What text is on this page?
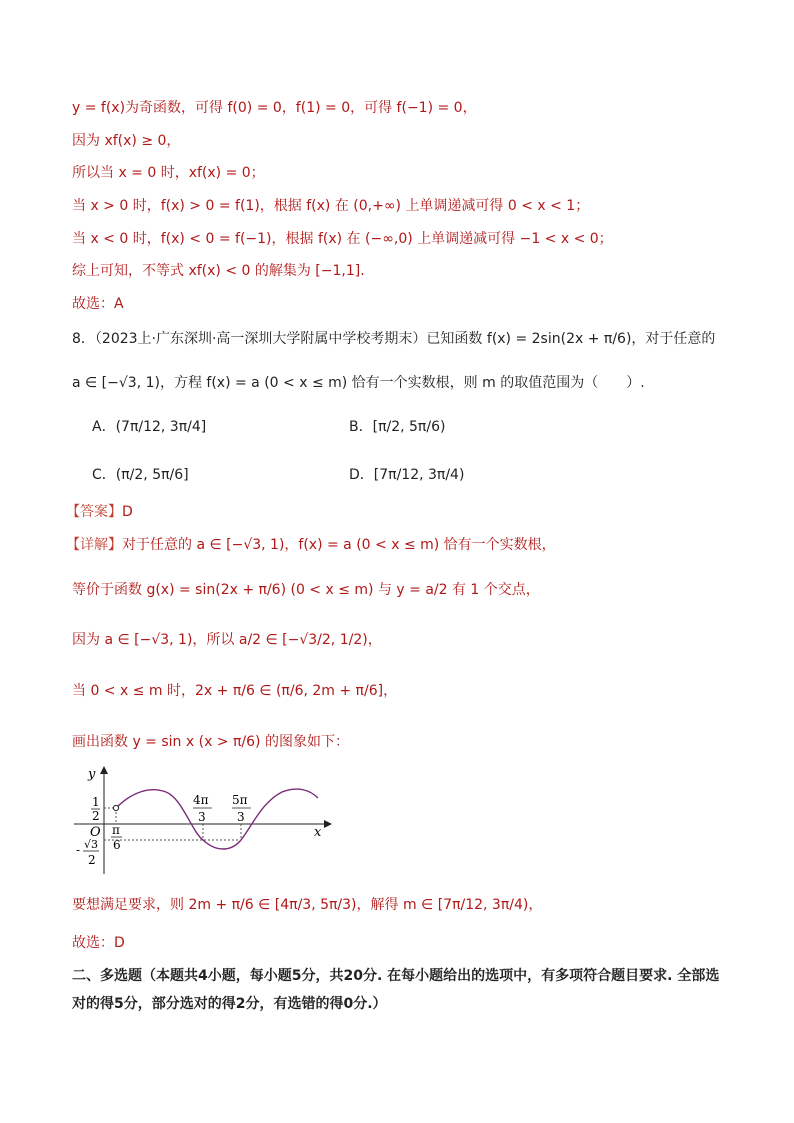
y = f(x)为奇函数，可得 f(0) = 0，f(1) = 0，可得 f(−1) = 0，
因为 xf(x) ≥ 0，
所以当 x = 0 时，xf(x) = 0；
当 x > 0 时，f(x) > 0 = f(1)，根据 f(x) 在 (0,+∞) 上单调递减可得 0 < x < 1；
当 x < 0 时，f(x) < 0 = f(−1)，根据 f(x) 在 (−∞,0) 上单调递减可得 −1 < x < 0；
综上可知，不等式 xf(x) < 0 的解集为 [−1,1].
故选：A
8．（2023上·广东深圳·高一深圳大学附属中学校考期末）已知函数 f(x) = 2sin(2x + π/6)，对于任意的
a ∈ [−√3, 1)，方程 f(x) = a (0 < x ≤ m) 恰有一个实数根，则 m 的取值范围为（　　）.
A．(7π/12, 3π/4]	B．[π/2, 5π/6)
C．(π/2, 5π/6]	D．[7π/12, 3π/4)
【答案】D
【详解】对于任意的 a ∈ [−√3, 1)，f(x) = a (0 < x ≤ m) 恰有一个实数根，
等价于函数 g(x) = sin(2x + π/6) (0 < x ≤ m) 与 y = a/2 有 1 个交点，
因为 a ∈ [−√3, 1)，所以 a/2 ∈ [−√3/2, 1/2)，
当 0 < x ≤ m 时，2x + π/6 ∈ (π/6, 2m + π/6]，
画出函数 y = sin x (x > π/6) 的图象如下：
y
x
O
1
2
- √3
2
π
6
4π
3
5π
3
要想满足要求，则 2m + π/6 ∈ [4π/3, 5π/3)，解得 m ∈ [7π/12, 3π/4)，
故选：D
二、多选题（本题共4小题，每小题5分，共20分. 在每小题给出的选项中，有多项符合题目要求. 全部选
对的得5分，部分选对的得2分，有选错的得0分.）
